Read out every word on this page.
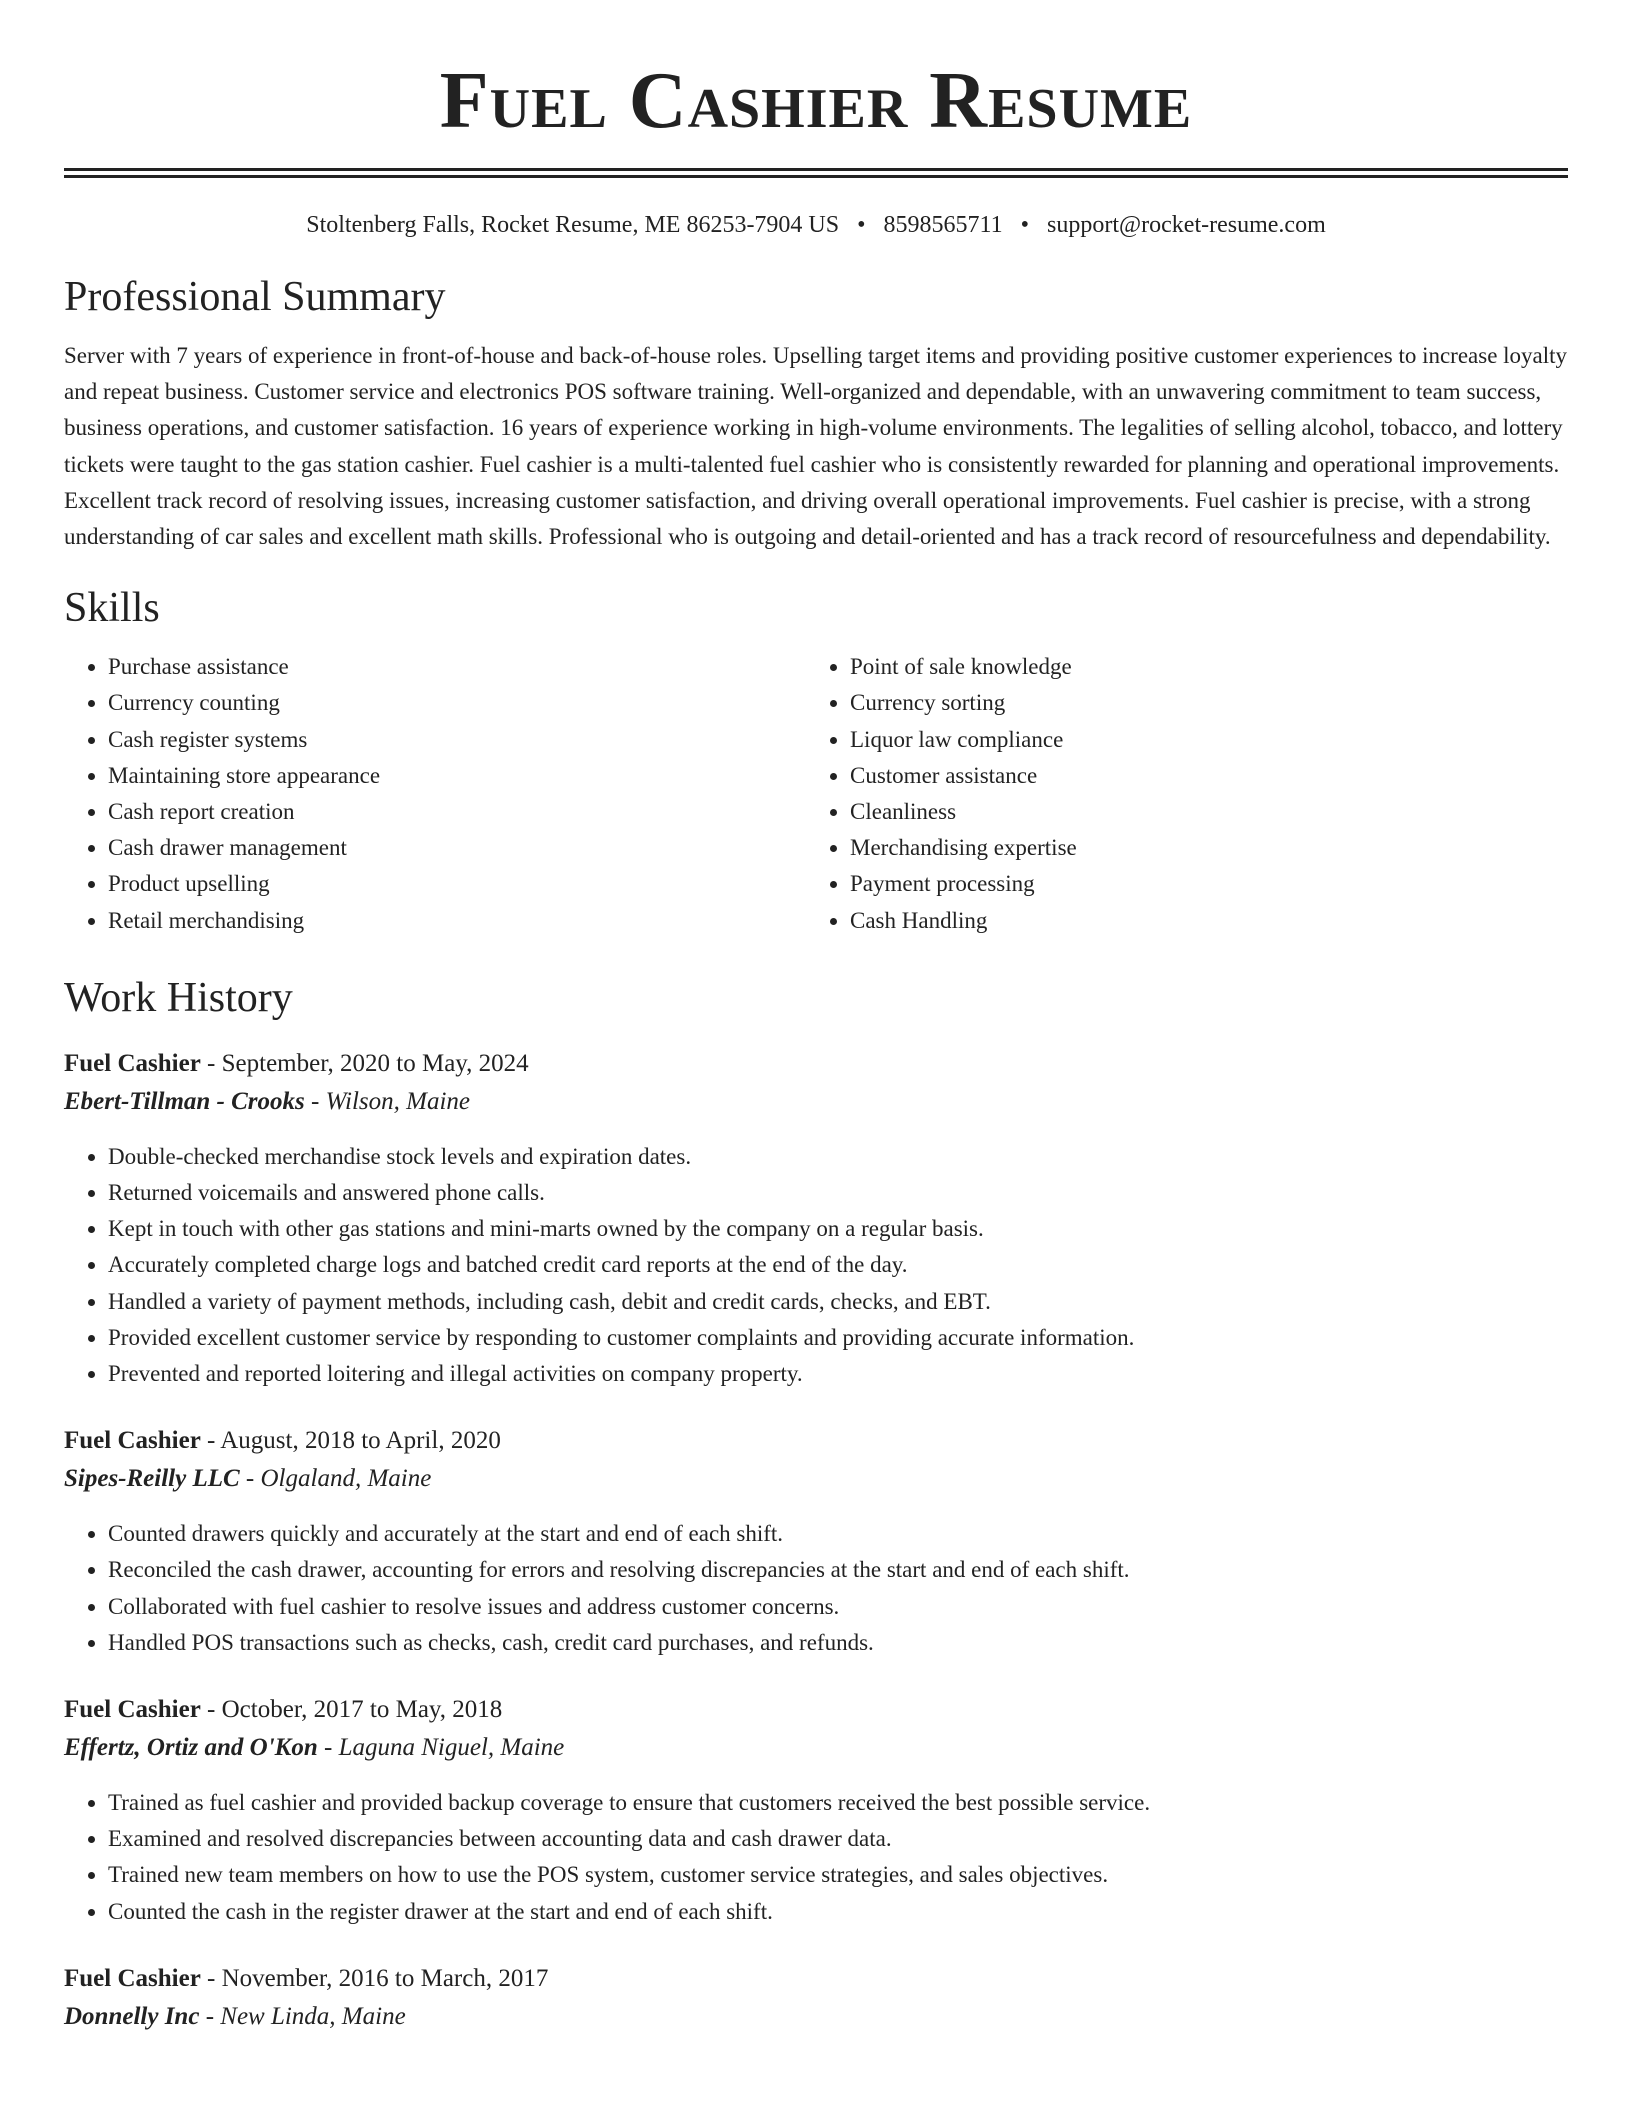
Fuel Cashier Resume
Stoltenberg Falls, Rocket Resume, ME 86253-7904 US • 8598565711 • support@rocket-resume.com
Professional Summary

Server with 7 years of experience in front-of-house and back-of-house roles. Upselling target items and providing positive customer experiences to increase loyalty and repeat business. Customer service and electronics POS software training. Well-organized and dependable, with an unwavering commitment to team success, business operations, and customer satisfaction. 16 years of experience working in high-volume environments. The legalities of selling alcohol, tobacco, and lottery tickets were taught to the gas station cashier. Fuel cashier is a multi-talented fuel cashier who is consistently rewarded for planning and operational improvements. Excellent track record of resolving issues, increasing customer satisfaction, and driving overall operational improvements. Fuel cashier is precise, with a strong understanding of car sales and excellent math skills. Professional who is outgoing and detail-oriented and has a track record of resourcefulness and dependability.

Skills
• Purchase assistance
• Currency counting
• Cash register systems
• Maintaining store appearance
• Cash report creation
• Cash drawer management
• Product upselling
• Retail merchandising
• Point of sale knowledge
• Currency sorting
• Liquor law compliance
• Customer assistance
• Cleanliness
• Merchandising expertise
• Payment processing
• Cash Handling
Work History
Fuel Cashier - September, 2020 to May, 2024
Ebert-Tillman - Crooks - Wilson, Maine
• Double-checked merchandise stock levels and expiration dates.
• Returned voicemails and answered phone calls.
• Kept in touch with other gas stations and mini-marts owned by the company on a regular basis.
• Accurately completed charge logs and batched credit card reports at the end of the day.
• Handled a variety of payment methods, including cash, debit and credit cards, checks, and EBT.
• Provided excellent customer service by responding to customer complaints and providing accurate information.
• Prevented and reported loitering and illegal activities on company property.
Fuel Cashier - August, 2018 to April, 2020
Sipes-Reilly LLC - Olgaland, Maine
• Counted drawers quickly and accurately at the start and end of each shift.
• Reconciled the cash drawer, accounting for errors and resolving discrepancies at the start and end of each shift.
• Collaborated with fuel cashier to resolve issues and address customer concerns.
• Handled POS transactions such as checks, cash, credit card purchases, and refunds.
Fuel Cashier - October, 2017 to May, 2018
Effertz, Ortiz and O'Kon - Laguna Niguel, Maine
• Trained as fuel cashier and provided backup coverage to ensure that customers received the best possible service.
• Examined and resolved discrepancies between accounting data and cash drawer data.
• Trained new team members on how to use the POS system, customer service strategies, and sales objectives.
• Counted the cash in the register drawer at the start and end of each shift.
Fuel Cashier - November, 2016 to March, 2017
Donnelly Inc - New Linda, Maine
